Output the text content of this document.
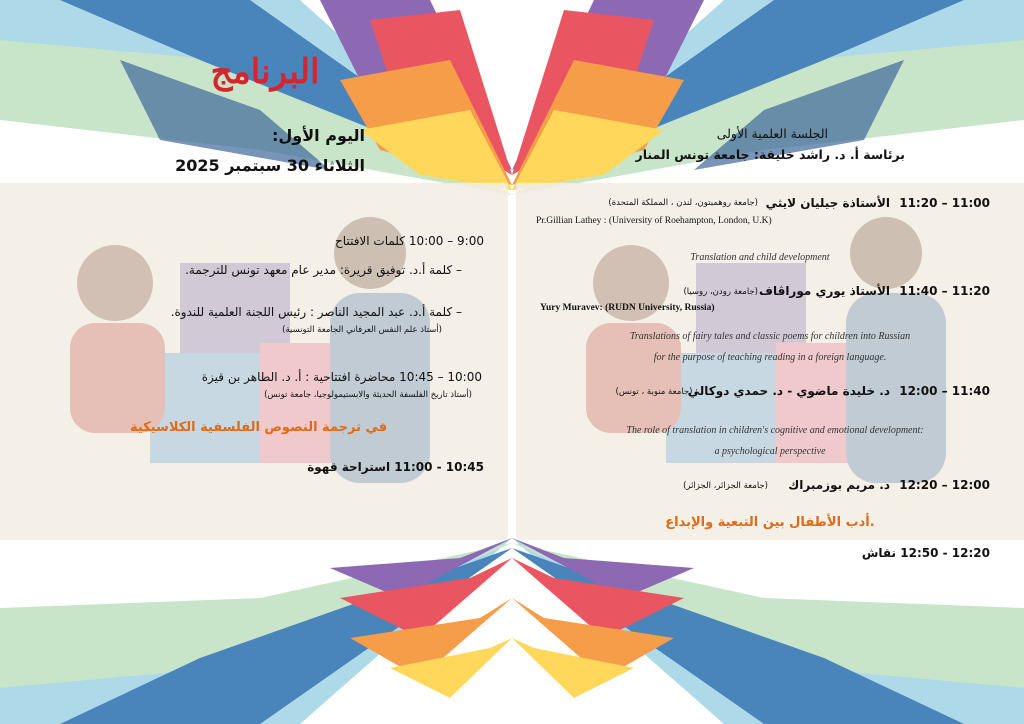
البرنامج
اليوم الأول:
الثلاثاء 30 سبتمبر 2025
الجلسة العلمية الأولى
برئاسة أ. د. راشد خليفة: جامعة تونس المنار
9:00 – 10:00 كلمات الافتتاح
– كلمة أ.د. توفيق قريرة: مدير عام معهد تونس للترجمة.
– كلمة أ.د. عبد المجيد الناصر : رئيس اللجنة العلمية للندوة.
(أستاذ علم النفس العرفاني الجامعة التونسية)
10:00 – 10:45 محاضرة افتتاحية : أ. د. الطاهر بن قيزة
(أستاذ تاريخ الفلسفة الحديثة والابستيمولوجيا، جامعة تونس)
في ترجمة النصوص الفلسفية الكلاسيكية
10:45 - 11:00 استراحة قهوة
11:00 – 11:20
الأستاذة جيليان لايثي
(جامعة روهمبتون، لندن ، المملكة المتحدة)
Pr.Gillian Lathey : (University of Roehampton, London, U.K)
Translation and child development
11:20 – 11:40
الأستاذ يوري موراڤاف
(جامعة رودن، روسيا)
Yury Muravev: (RUDN University, Russia)
Translations of fairy tales and classic poems for children into Russian
for the purpose of teaching reading in a foreign language.
11:40 – 12:00
د. خليدة ماضوي - د. حمدي دوكالي
: (جامعة منوبة ، تونس)
The role of translation in children's cognitive and emotional development:
a psychological perspective
12:00 – 12:20
د. مريم بوزمبراك
(جامعة الجزائر، الجزائر)
أدب الأطفال بين التبعية والإبداع.
12:20 - 12:50 نقاش
